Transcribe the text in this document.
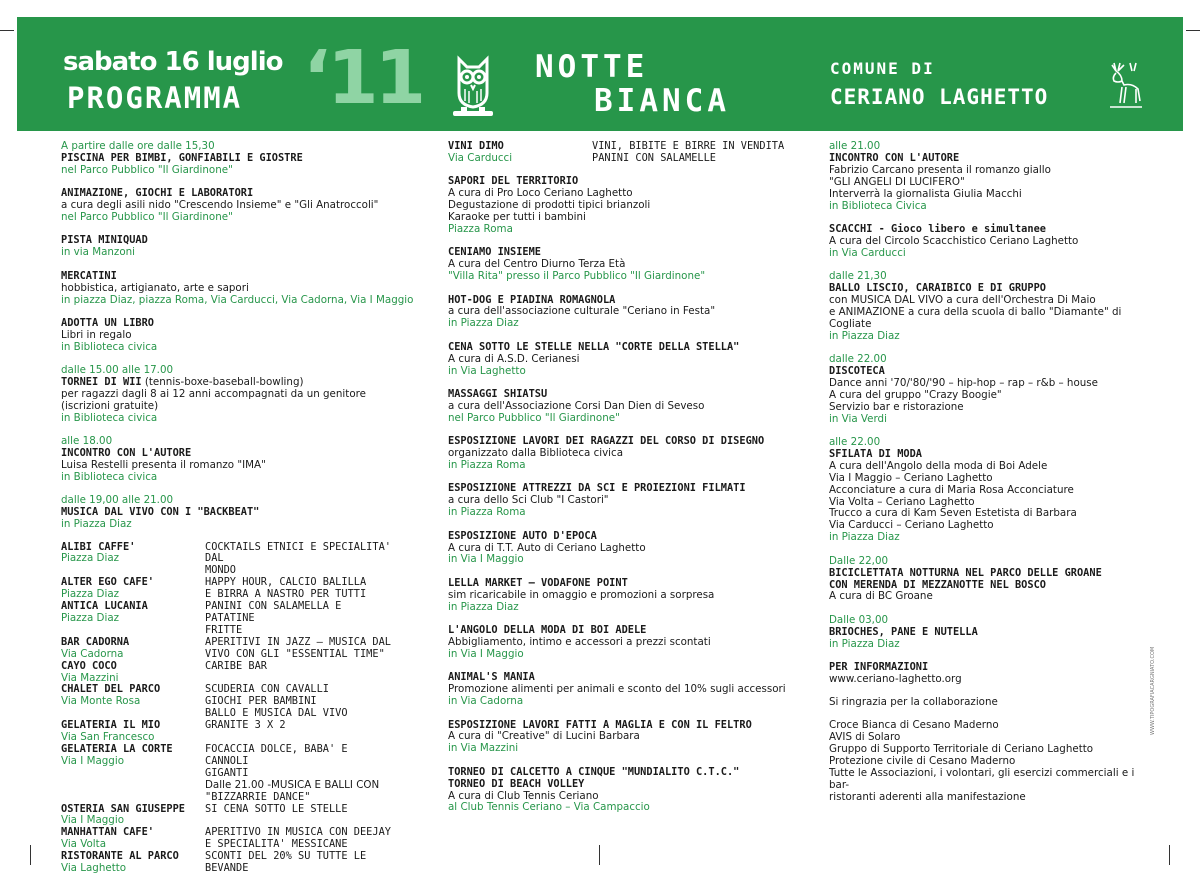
sabato 16 luglio
PROGRAMMA ‘11	NOTTE
BIANCA
COMUNE DI
CERIANO LAGHETTO
A partire dalle ore dalle 15,30
PISCINA PER BIMBI, GONFIABILI E GIOSTRE
nel Parco Pubblico "Il Giardinone"
ANIMAZIONE, GIOCHI E LABORATORI
a cura degli asili nido "Crescendo Insieme" e "Gli Anatroccoli"
nel Parco Pubblico "Il Giardinone"
PISTA MINIQUAD
in via Manzoni
MERCATINI
hobbistica, artigianato, arte e sapori
in piazza Diaz, piazza Roma, Via Carducci, Via Cadorna, Via I Maggio
ADOTTA UN LIBRO
Libri in regalo
in Biblioteca civica
dalle 15.00 alle 17.00
TORNEI DI WII (tennis-boxe-baseball-bowling)
per ragazzi dagli 8 ai 12 anni accompagnati da un genitore
(iscrizioni gratuite)
in Biblioteca civica
alle 18.00
INCONTRO CON L'AUTORE
Luisa Restelli presenta il romanzo "IMA"
in Biblioteca civica
dalle 19,00 alle 21.00
MUSICA DAL VIVO CON I "BACKBEAT"
in Piazza Diaz
ALIBI CAFFE'
Piazza Diaz
COCKTAILS ETNICI E SPECIALITA' DAL
MONDO
ALTER EGO CAFE'
Piazza Diaz
HAPPY HOUR, CALCIO BALILLA
E BIRRA A NASTRO PER TUTTI
ANTICA LUCANIA
Piazza Diaz
PANINI CON SALAMELLA E PATATINE
FRITTE
BAR CADORNA
Via Cadorna
APERITIVI IN JAZZ – MUSICA DAL
VIVO CON GLI "ESSENTIAL TIME"
CAYO COCO
Via Mazzini
CARIBE BAR
CHALET DEL PARCO
Via Monte Rosa

SCUDERIA CON CAVALLI
GIOCHI PER BAMBINI
BALLO E MUSICA DAL VIVO
GELATERIA IL MIO
Via San Francesco
GRANITE 3 X 2
GELATERIA LA CORTE
Via I Maggio

FOCACCIA DOLCE, BABA' E CANNOLI
GIGANTI
Dalle 21.00 -MUSICA E BALLI CON
"BIZZARRIE DANCE"
OSTERIA SAN GIUSEPPE
Via I Maggio
SI CENA SOTTO LE STELLE
MANHATTAN CAFE'
Via Volta
APERITIVO IN MUSICA CON DEEJAY
E SPECIALITA' MESSICANE
RISTORANTE AL PARCO
Via Laghetto
SCONTI DEL 20% SU TUTTE LE
BEVANDE
VINI DIMO
Via Carducci
VINI, BIBITE E BIRRE IN VENDITA
PANINI CON SALAMELLE
SAPORI DEL TERRITORIO
A cura di Pro Loco Ceriano Laghetto
Degustazione di prodotti tipici brianzoli
Karaoke per tutti i bambini
Piazza Roma
CENIAMO INSIEME
A cura del Centro Diurno Terza Età
"Villa Rita" presso il Parco Pubblico "Il Giardinone"
HOT-DOG E PIADINA ROMAGNOLA
a cura dell'associazione culturale "Ceriano in Festa"
in Piazza Diaz
CENA SOTTO LE STELLE NELLA "CORTE DELLA STELLA"
A cura di A.S.D. Cerianesi
in Via Laghetto
MASSAGGI SHIATSU
a cura dell'Associazione Corsi Dan Dien di Seveso
nel Parco Pubblico "Il Giardinone"
ESPOSIZIONE LAVORI DEI RAGAZZI DEL CORSO DI DISEGNO
organizzato dalla Biblioteca civica
in Piazza Roma
ESPOSIZIONE ATTREZZI DA SCI E PROIEZIONI FILMATI
a cura dello Sci Club "I Castori"
in Piazza Roma
ESPOSIZIONE AUTO D'EPOCA
A cura di T.T. Auto di Ceriano Laghetto
in Via I Maggio
LELLA MARKET – VODAFONE POINT
sim ricaricabile in omaggio e promozioni a sorpresa
in Piazza Diaz
L'ANGOLO DELLA MODA DI BOI ADELE
Abbigliamento, intimo e accessori a prezzi scontati
in Via I Maggio
ANIMAL'S MANIA
Promozione alimenti per animali e sconto del 10% sugli accessori
in Via Cadorna
ESPOSIZIONE LAVORI FATTI A MAGLIA E CON IL FELTRO
A cura di "Creative" di Lucini Barbara
in Via Mazzini
TORNEO DI CALCETTO A CINQUE "MUNDIALITO C.T.C."
TORNEO DI BEACH VOLLEY
A cura di Club Tennis Ceriano
al Club Tennis Ceriano – Via Campaccio
alle 21.00
INCONTRO CON L'AUTORE
Fabrizio Carcano presenta il romanzo giallo
"GLI ANGELI DI LUCIFERO"
Interverrà la giornalista Giulia Macchi
in Biblioteca Civica
SCACCHI - Gioco libero e simultanee
A cura del Circolo Scacchistico Ceriano Laghetto
in Via Carducci
dalle 21,30
BALLO LISCIO, CARAIBICO E DI GRUPPO
con MUSICA DAL VIVO a cura dell'Orchestra Di Maio
e ANIMAZIONE a cura della scuola di ballo "Diamante" di
Cogliate
in Piazza Diaz
dalle 22.00
DISCOTECA
Dance anni '70/'80/'90 – hip-hop – rap – r&b – house
A cura del gruppo "Crazy Boogie"
Servizio bar e ristorazione
in Via Verdi
alle 22.00
SFILATA DI MODA
A cura dell'Angolo della moda di Boi Adele
Via I Maggio – Ceriano Laghetto
Acconciature a cura di Maria Rosa Acconciature
Via Volta – Ceriano Laghetto
Trucco a cura di Kam Seven Estetista di Barbara
Via Carducci – Ceriano Laghetto
in Piazza Diaz
Dalle 22,00
BICICLETTATA NOTTURNA NEL PARCO DELLE GROANE
CON MERENDA DI MEZZANOTTE NEL BOSCO
A cura di BC Groane
Dalle 03,00
BRIOCHES, PANE E NUTELLA
in Piazza Diaz
PER INFORMAZIONI
www.ceriano-laghetto.org
Si ringrazia per la collaborazione
Croce Bianca di Cesano Maderno
AVIS di Solaro
Gruppo di Supporto Territoriale di Ceriano Laghetto
Protezione civile di Cesano Maderno
Tutte le Associazioni, i volontari, gli esercizi commerciali e i bar-
ristoranti aderenti alla manifestazione
WWW.TIPOGRAFIACARGNIATO.COM
